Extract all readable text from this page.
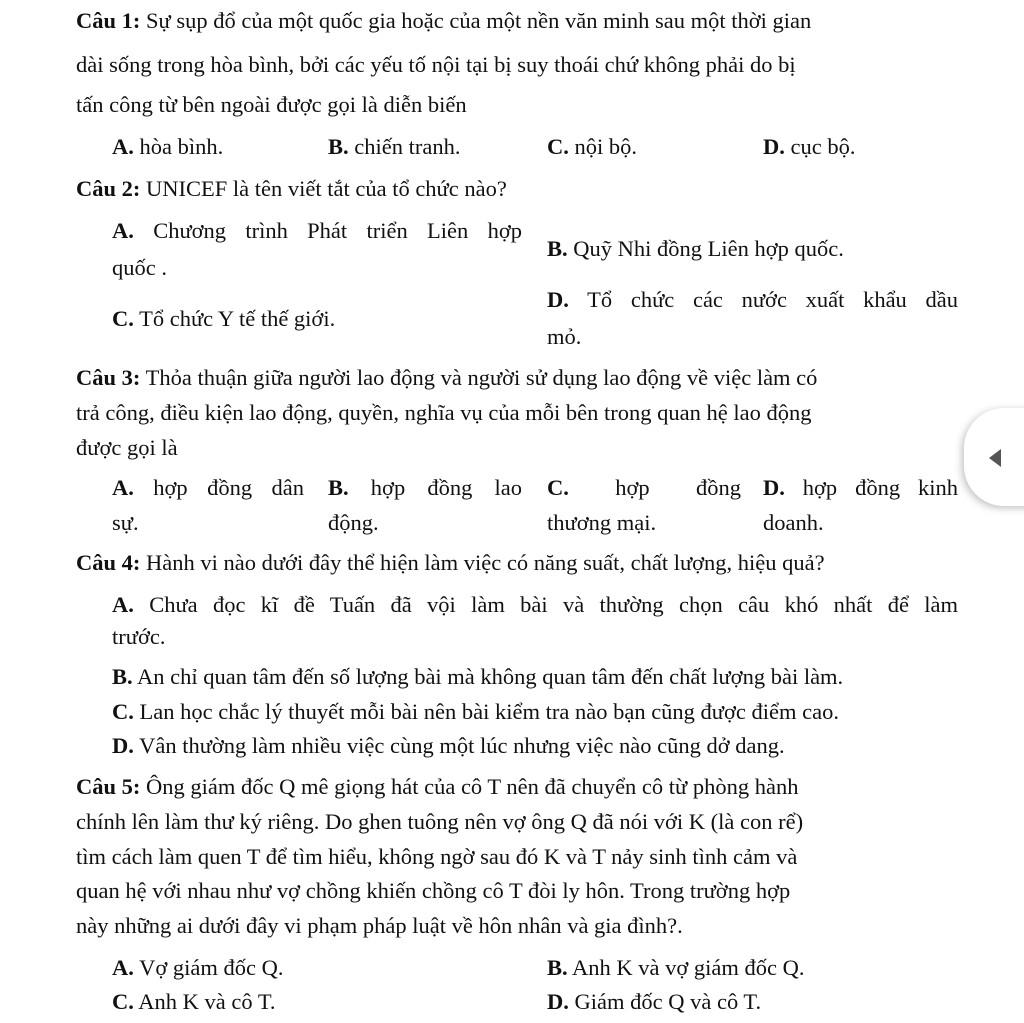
Câu 1: Sự sụp đổ của một quốc gia hoặc của một nền văn minh sau một thời gian
dài sống trong hòa bình, bởi các yếu tố nội tại bị suy thoái chứ không phải do bị
tấn công từ bên ngoài được gọi là diễn biến
A. hòa bình.	B. chiến tranh.	C. nội bộ.	D. cục bộ.
Câu 2: UNICEF là tên viết tắt của tổ chức nào?
A. Chương trình Phát triển Liên hợp
quốc .
B. Quỹ Nhi đồng Liên hợp quốc.
C. Tổ chức Y tế thế giới.
D. Tổ chức các nước xuất khẩu dầu
mỏ.
Câu 3: Thỏa thuận giữa người lao động và người sử dụng lao động về việc làm có
trả công, điều kiện lao động, quyền, nghĩa vụ của mỗi bên trong quan hệ lao động
được gọi là
A. hợp đồng dân
sự.
B. hợp đồng lao
động.
C. hợp đồng
thương mại.
D. hợp đồng kinh
doanh.
Câu 4: Hành vi nào dưới đây thể hiện làm việc có năng suất, chất lượng, hiệu quả?
A. Chưa đọc kĩ đề Tuấn đã vội làm bài và thường chọn câu khó nhất để làm
trước.
B. An chỉ quan tâm đến số lượng bài mà không quan tâm đến chất lượng bài làm.
C. Lan học chắc lý thuyết mỗi bài nên bài kiểm tra nào bạn cũng được điểm cao.
D. Vân thường làm nhiều việc cùng một lúc nhưng việc nào cũng dở dang.
Câu 5: Ông giám đốc Q mê giọng hát của cô T nên đã chuyển cô từ phòng hành
chính lên làm thư ký riêng. Do ghen tuông nên vợ ông Q đã nói với K (là con rể)
tìm cách làm quen T để tìm hiểu, không ngờ sau đó K và T nảy sinh tình cảm và
quan hệ với nhau như vợ chồng khiến chồng cô T đòi ly hôn. Trong trường hợp
này những ai dưới đây vi phạm pháp luật về hôn nhân và gia đình?.
A. Vợ giám đốc Q.	B. Anh K và vợ giám đốc Q.
C. Anh K và cô T.	D. Giám đốc Q và cô T.
